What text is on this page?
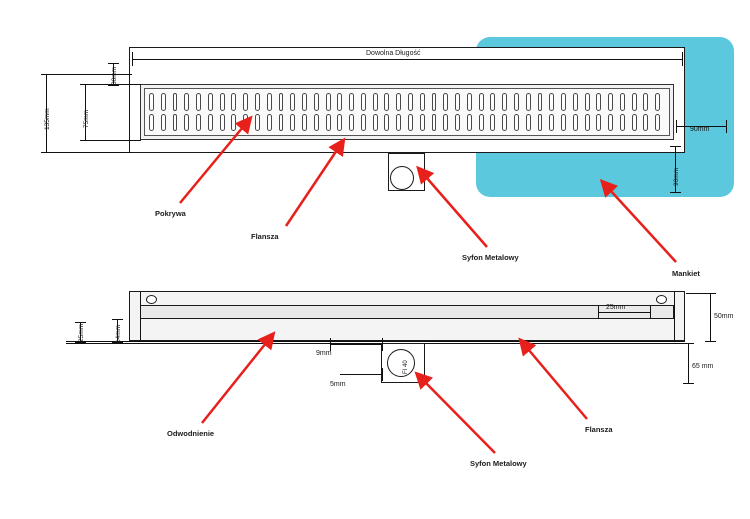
Dowolna Długość
135mm	75mm
30mm
90mm
90mm
Pokrywa
Flansza
Syfon Metalowy
Mankiet
FI 40
25mm	14mm
9mm
5mm
25mm
50mm
65 mm
Odwodnienie
Syfon Metalowy
Flansza
